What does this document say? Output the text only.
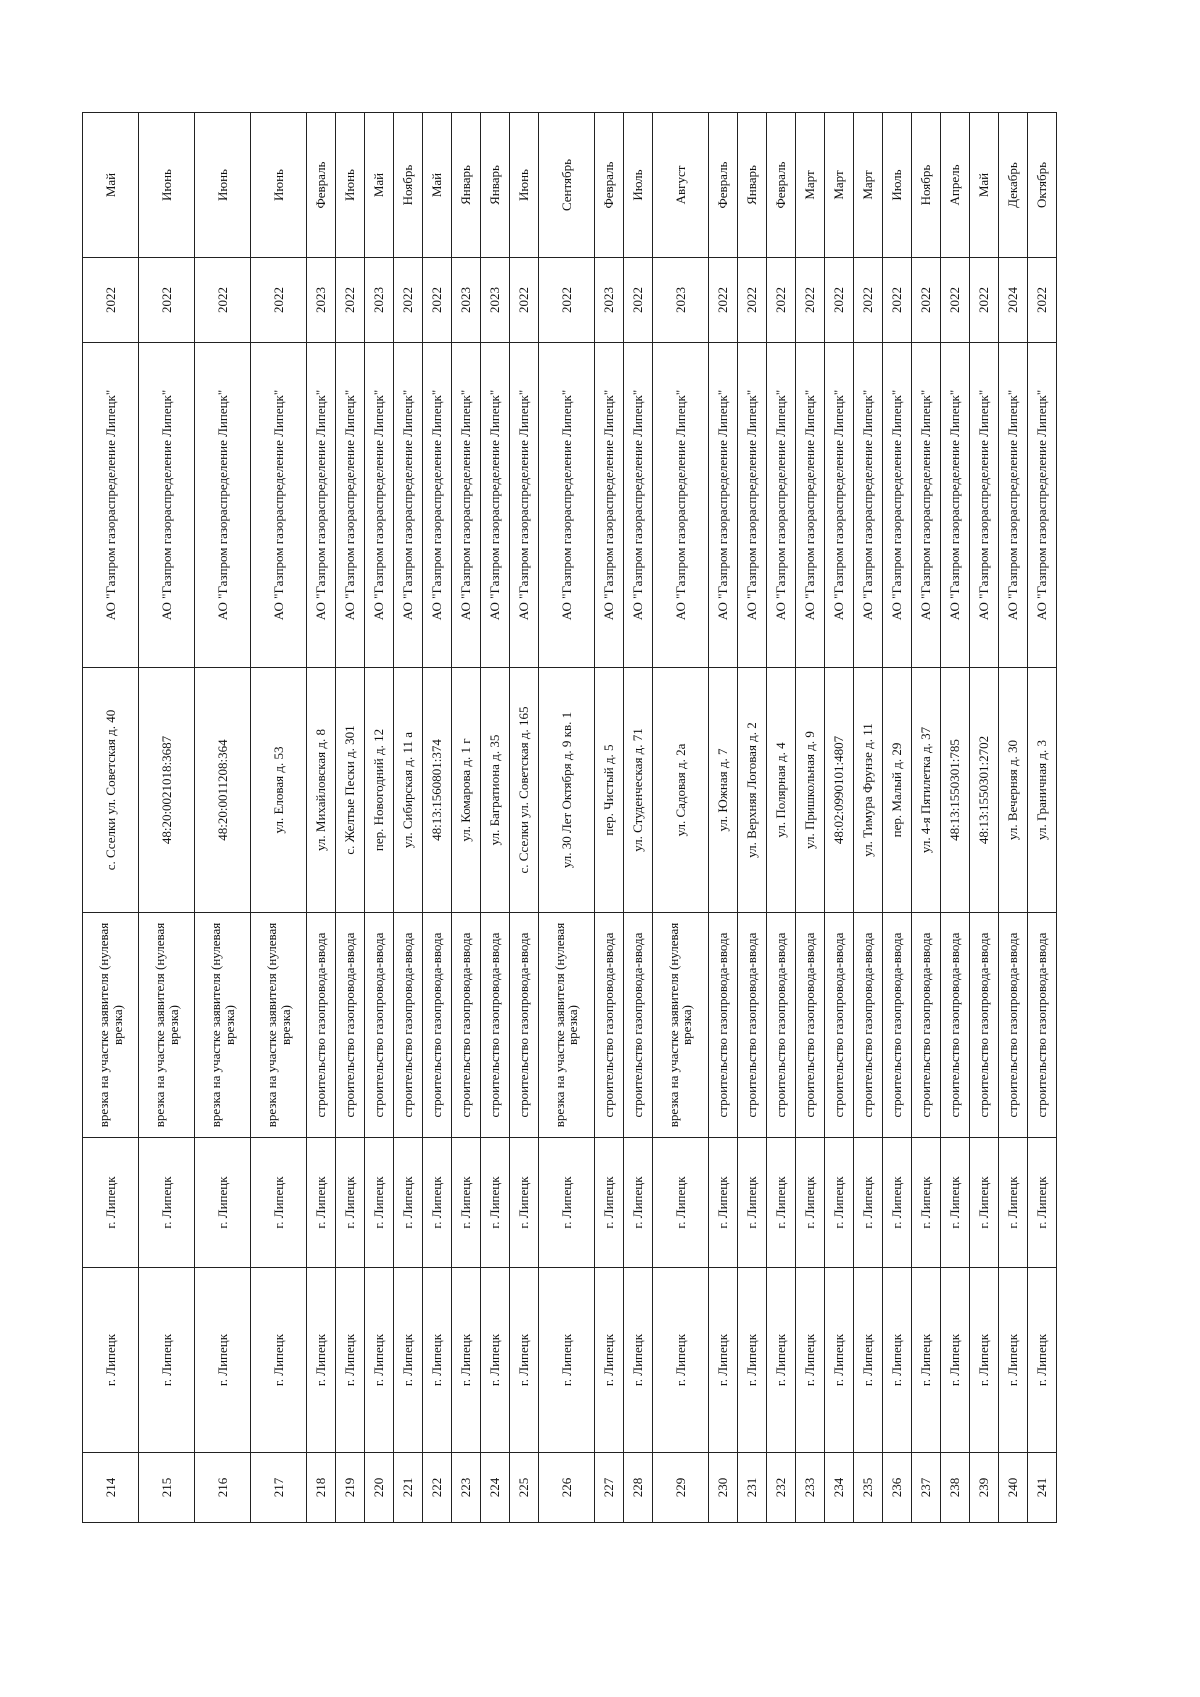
214	г. Липецк	г. Липецк	врезка на участке заявителя (нулевая врезка)	с. Сселки ул. Советская д. 40	АО "Газпром газораспределение Липецк"	2022	Май
215	г. Липецк	г. Липецк	врезка на участке заявителя (нулевая врезка)	48:20:0021018:3687	АО "Газпром газораспределение Липецк"	2022	Июнь
216	г. Липецк	г. Липецк	врезка на участке заявителя (нулевая врезка)	48:20:0011208:364	АО "Газпром газораспределение Липецк"	2022	Июнь
217	г. Липецк	г. Липецк	врезка на участке заявителя (нулевая врезка)	ул. Еловая д. 53	АО "Газпром газораспределение Липецк"	2022	Июнь
218	г. Липецк	г. Липецк	строительство газопровода-ввода	ул. Михайловская д. 8	АО "Газпром газораспределение Липецк"	2023	Февраль
219	г. Липецк	г. Липецк	строительство газопровода-ввода	с. Желтые Пески д. 301	АО "Газпром газораспределение Липецк"	2022	Июнь
220	г. Липецк	г. Липецк	строительство газопровода-ввода	пер. Новогодний д. 12	АО "Газпром газораспределение Липецк"	2023	Май
221	г. Липецк	г. Липецк	строительство газопровода-ввода	ул. Сибирская д. 11 а	АО "Газпром газораспределение Липецк"	2022	Ноябрь
222	г. Липецк	г. Липецк	строительство газопровода-ввода	48:13:1560801:374	АО "Газпром газораспределение Липецк"	2022	Май
223	г. Липецк	г. Липецк	строительство газопровода-ввода	ул. Комарова д. 1 г	АО "Газпром газораспределение Липецк"	2023	Январь
224	г. Липецк	г. Липецк	строительство газопровода-ввода	ул. Багратиона д. 35	АО "Газпром газораспределение Липецк"	2023	Январь
225	г. Липецк	г. Липецк	строительство газопровода-ввода	с. Сселки ул. Советская д. 165	АО "Газпром газораспределение Липецк"	2022	Июнь
226	г. Липецк	г. Липецк	врезка на участке заявителя (нулевая врезка)	ул. 30 Лет Октября д. 9 кв. 1	АО "Газпром газораспределение Липецк"	2022	Сентябрь
227	г. Липецк	г. Липецк	строительство газопровода-ввода	пер. Чистый д. 5	АО "Газпром газораспределение Липецк"	2023	Февраль
228	г. Липецк	г. Липецк	строительство газопровода-ввода	ул. Студенческая д. 71	АО "Газпром газораспределение Липецк"	2022	Июль
229	г. Липецк	г. Липецк	врезка на участке заявителя (нулевая врезка)	ул. Садовая д. 2а	АО "Газпром газораспределение Липецк"	2023	Август
230	г. Липецк	г. Липецк	строительство газопровода-ввода	ул. Южная д. 7	АО "Газпром газораспределение Липецк"	2022	Февраль
231	г. Липецк	г. Липецк	строительство газопровода-ввода	ул. Верхняя Логовая д. 2	АО "Газпром газораспределение Липецк"	2022	Январь
232	г. Липецк	г. Липецк	строительство газопровода-ввода	ул. Полярная д. 4	АО "Газпром газораспределение Липецк"	2022	Февраль
233	г. Липецк	г. Липецк	строительство газопровода-ввода	ул. Пришкольная д. 9	АО "Газпром газораспределение Липецк"	2022	Март
234	г. Липецк	г. Липецк	строительство газопровода-ввода	48:02:0990101:4807	АО "Газпром газораспределение Липецк"	2022	Март
235	г. Липецк	г. Липецк	строительство газопровода-ввода	ул. Тимура Фрунзе д. 11	АО "Газпром газораспределение Липецк"	2022	Март
236	г. Липецк	г. Липецк	строительство газопровода-ввода	пер. Малый д. 29	АО "Газпром газораспределение Липецк"	2022	Июль
237	г. Липецк	г. Липецк	строительство газопровода-ввода	ул. 4-я Пятилетка д. 37	АО "Газпром газораспределение Липецк"	2022	Ноябрь
238	г. Липецк	г. Липецк	строительство газопровода-ввода	48:13:1550301:785	АО "Газпром газораспределение Липецк"	2022	Апрель
239	г. Липецк	г. Липецк	строительство газопровода-ввода	48:13:1550301:2702	АО "Газпром газораспределение Липецк"	2022	Май
240	г. Липецк	г. Липецк	строительство газопровода-ввода	ул. Вечерняя д. 30	АО "Газпром газораспределение Липецк"	2024	Декабрь
241	г. Липецк	г. Липецк	строительство газопровода-ввода	ул. Граничная д. 3	АО "Газпром газораспределение Липецк"	2022	Октябрь
